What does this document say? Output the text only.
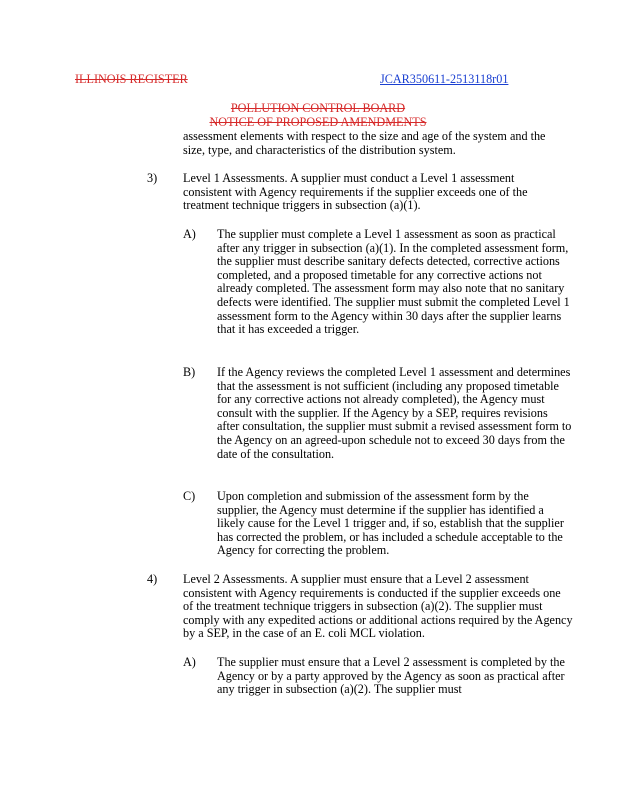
ILLINOIS REGISTER	JCAR350611-2513118r01
POLLUTION CONTROL BOARD
NOTICE OF PROPOSED AMENDMENTS

assessment elements with respect to the size and age of the system and the size, type, and characteristics of the distribution system.

3) Level 1 Assessments. A supplier must conduct a Level 1 assessment consistent with Agency requirements if the supplier exceeds one of the treatment technique triggers in subsection (a)(1).

A) The supplier must complete a Level 1 assessment as soon as practical after any trigger in subsection (a)(1). In the completed assessment form, the supplier must describe sanitary defects detected, corrective actions completed, and a proposed timetable for any corrective actions not already completed. The assessment form may also note that no sanitary defects were identified. The supplier must submit the completed Level 1 assessment form to the Agency within 30 days after the supplier learns that it has exceeded a trigger.

B) If the Agency reviews the completed Level 1 assessment and determines that the assessment is not sufficient (including any proposed timetable for any corrective actions not already completed), the Agency must consult with the supplier. If the Agency by a SEP, requires revisions after consultation, the supplier must submit a revised assessment form to the Agency on an agreed-upon schedule not to exceed 30 days from the date of the consultation.

C) Upon completion and submission of the assessment form by the supplier, the Agency must determine if the supplier has identified a likely cause for the Level 1 trigger and, if so, establish that the supplier has corrected the problem, or has included a schedule acceptable to the Agency for correcting the problem.

4) Level 2 Assessments. A supplier must ensure that a Level 2 assessment consistent with Agency requirements is conducted if the supplier exceeds one of the treatment technique triggers in subsection (a)(2). The supplier must comply with any expedited actions or additional actions required by the Agency by a SEP, in the case of an E. coli MCL violation.

A) The supplier must ensure that a Level 2 assessment is completed by the Agency or by a party approved by the Agency as soon as practical after any trigger in subsection (a)(2). The supplier must
